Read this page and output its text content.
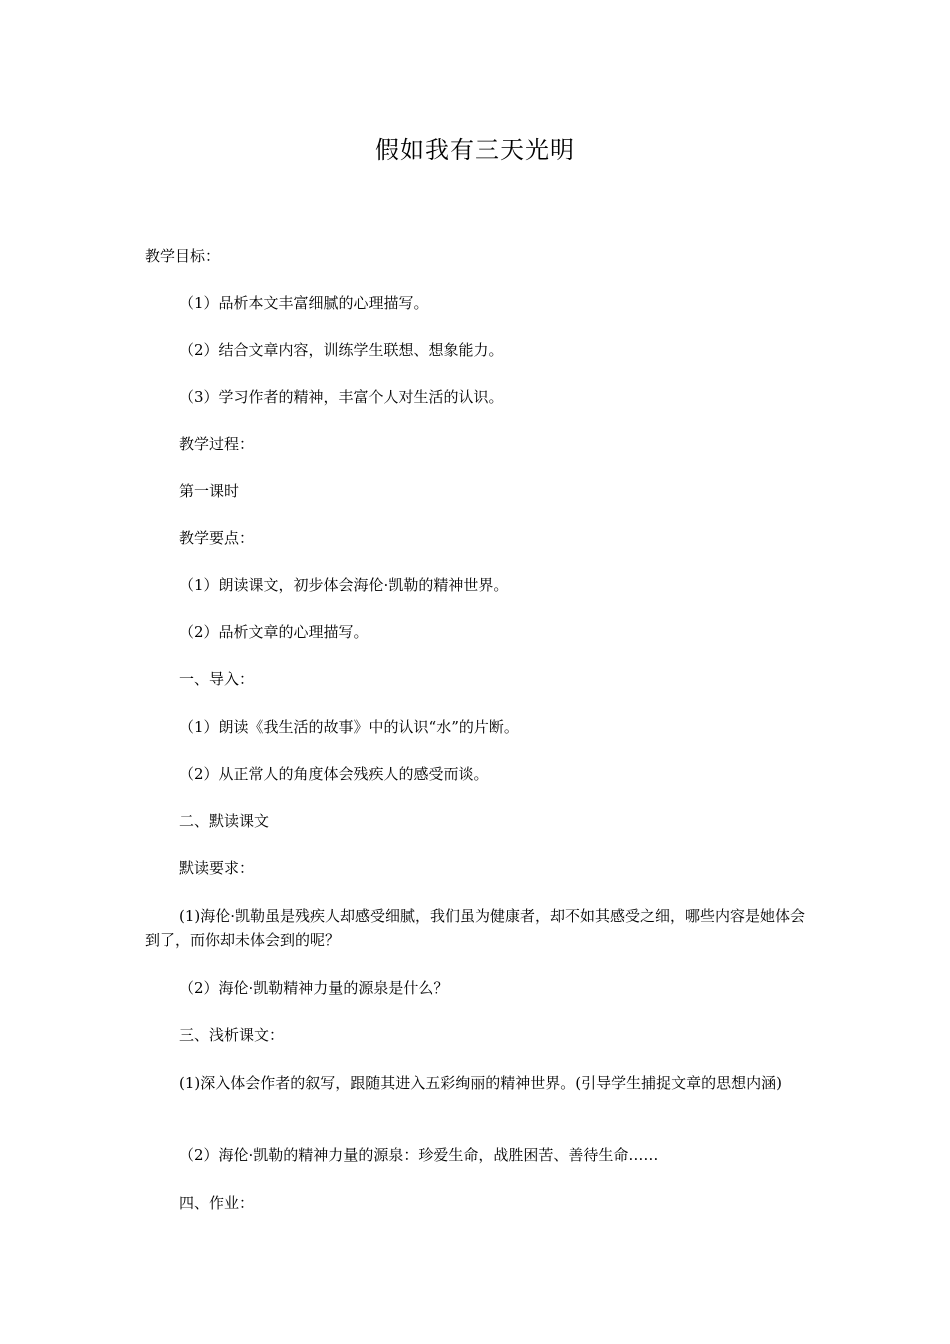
假如我有三天光明
教学目标：
（1）品析本文丰富细腻的心理描写。
（2）结合文章内容，训练学生联想、想象能力。
（3）学习作者的精神，丰富个人对生活的认识。
教学过程：
第一课时
教学要点：
（1）朗读课文，初步体会海伦·凯勒的精神世界。
（2）品析文章的心理描写。
一、导入：
（1）朗读《我生活的故事》中的认识“水”的片断。
（2）从正常人的角度体会残疾人的感受而谈。
二、默读课文
默读要求：
(1)海伦·凯勒虽是残疾人却感受细腻，我们虽为健康者，却不如其感受之细，哪些内容是她体会到了，而你却未体会到的呢？
（2）海伦·凯勒精神力量的源泉是什么？
三、浅析课文：
(1)深入体会作者的叙写，跟随其进入五彩绚丽的精神世界。(引导学生捕捉文章的思想内涵)
（2）海伦·凯勒的精神力量的源泉：珍爱生命，战胜困苦、善待生命……
四、作业：
